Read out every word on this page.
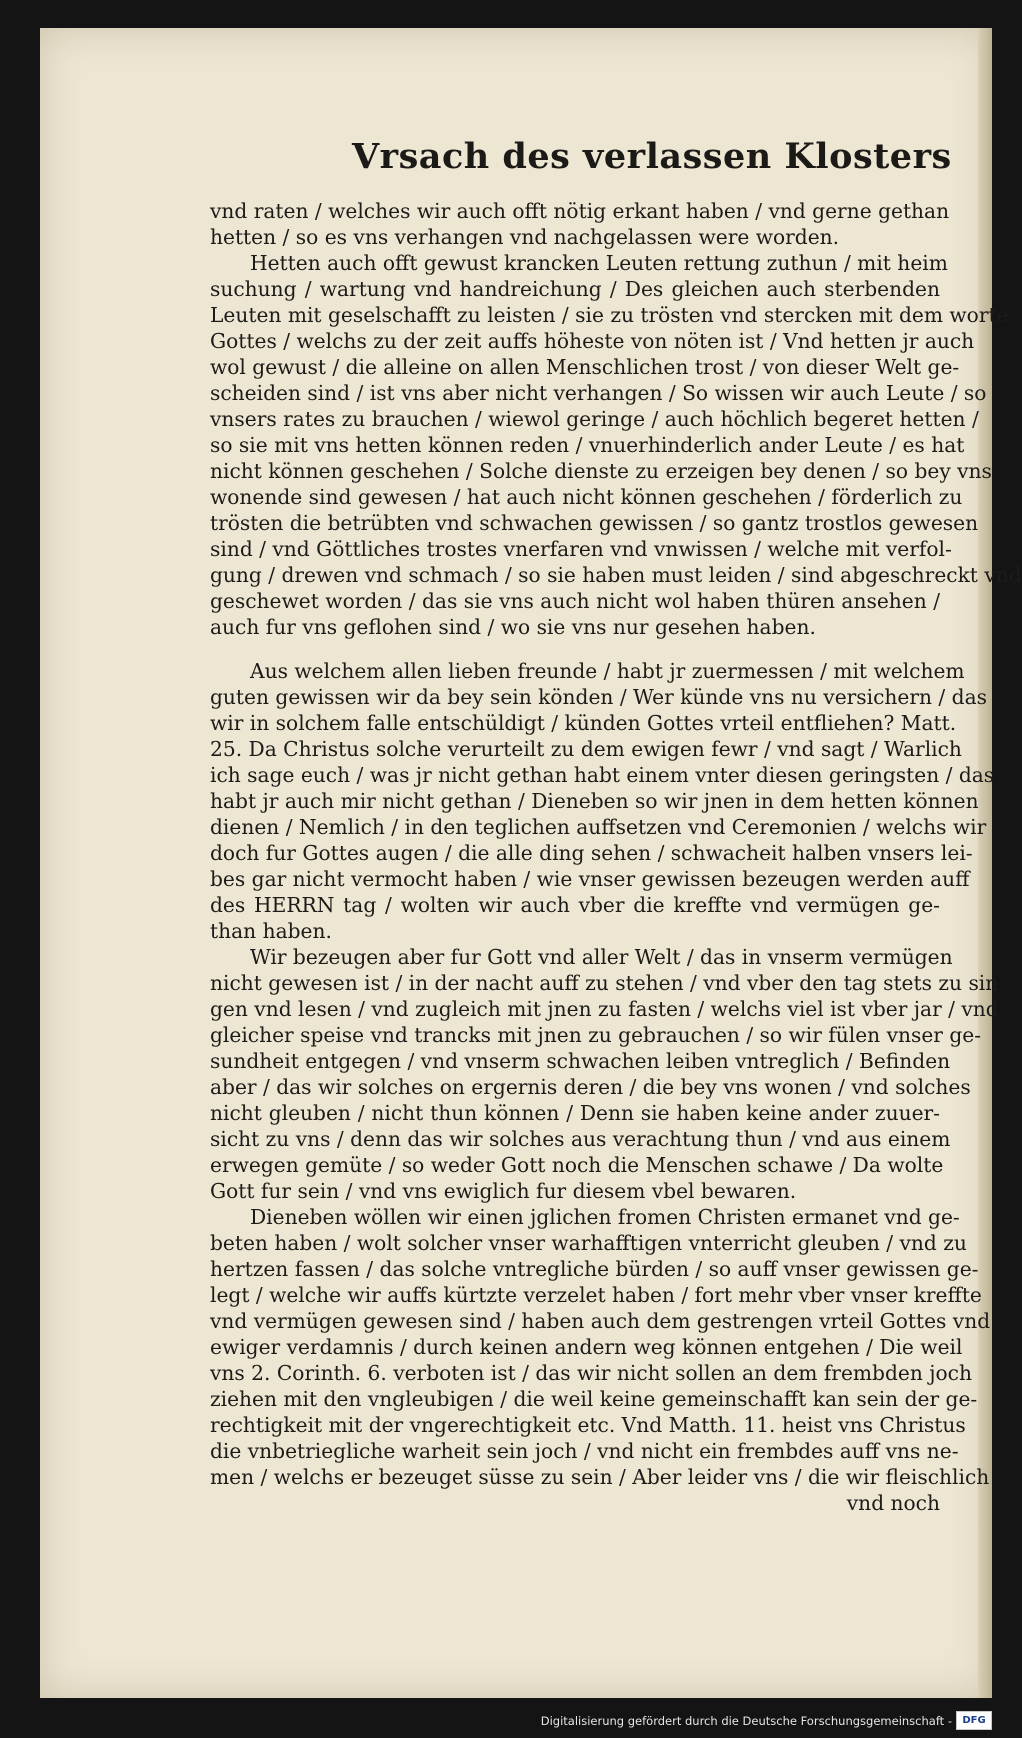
Vrsach des verlassen Klosters
vnd raten / welches wir auch offt nötig erkant haben / vnd gerne gethan
hetten / so es vns verhangen vnd nachgelassen were worden.
Hetten auch offt gewust krancken Leuten rettung zuthun / mit heim
suchung / wartung vnd handreichung / Des gleichen auch sterbenden
Leuten mit geselschafft zu leisten / sie zu trösten vnd stercken mit dem worte
Gottes / welchs zu der zeit auffs höheste von nöten ist / Vnd hetten jr auch
wol gewust / die alleine on allen Menschlichen trost / von dieser Welt ge-
scheiden sind / ist vns aber nicht verhangen / So wissen wir auch Leute / so
vnsers rates zu brauchen / wiewol geringe / auch höchlich begeret hetten /
so sie mit vns hetten können reden / vnuerhinderlich ander Leute / es hat
nicht können geschehen / Solche dienste zu erzeigen bey denen / so bey vns
wonende sind gewesen / hat auch nicht können geschehen / förderlich zu
trösten die betrübten vnd schwachen gewissen / so gantz trostlos gewesen
sind / vnd Göttliches trostes vnerfaren vnd vnwissen / welche mit verfol-
gung / drewen vnd schmach / so sie haben must leiden / sind abgeschreckt vnd
geschewet worden / das sie vns auch nicht wol haben thüren ansehen /
auch fur vns geflohen sind / wo sie vns nur gesehen haben.
Aus welchem allen lieben freunde / habt jr zuermessen / mit welchem
guten gewissen wir da bey sein könden / Wer künde vns nu versichern / das
wir in solchem falle entschüldigt / künden Gottes vrteil entfliehen? Matt.
25. Da Christus solche verurteilt zu dem ewigen fewr / vnd sagt / Warlich
ich sage euch / was jr nicht gethan habt einem vnter diesen geringsten / das
habt jr auch mir nicht gethan / Dieneben so wir jnen in dem hetten können
dienen / Nemlich / in den teglichen auffsetzen vnd Ceremonien / welchs wir
doch fur Gottes augen / die alle ding sehen / schwacheit halben vnsers lei-
bes gar nicht vermocht haben / wie vnser gewissen bezeugen werden auff
des HERRN tag / wolten wir auch vber die kreffte vnd vermügen ge-
than haben.
Wir bezeugen aber fur Gott vnd aller Welt / das in vnserm vermügen
nicht gewesen ist / in der nacht auff zu stehen / vnd vber den tag stets zu sin
gen vnd lesen / vnd zugleich mit jnen zu fasten / welchs viel ist vber jar / vnd
gleicher speise vnd trancks mit jnen zu gebrauchen / so wir fülen vnser ge-
sundheit entgegen / vnd vnserm schwachen leiben vntreglich / Befinden
aber / das wir solches on ergernis deren / die bey vns wonen / vnd solches
nicht gleuben / nicht thun können / Denn sie haben keine ander zuuer-
sicht zu vns / denn das wir solches aus verachtung thun / vnd aus einem
erwegen gemüte / so weder Gott noch die Menschen schawe / Da wolte
Gott fur sein / vnd vns ewiglich fur diesem vbel bewaren.
Dieneben wöllen wir einen jglichen fromen Christen ermanet vnd ge-
beten haben / wolt solcher vnser warhafftigen vnterricht gleuben / vnd zu
hertzen fassen / das solche vntregliche bürden / so auff vnser gewissen ge-
legt / welche wir auffs kürtzte verzelet haben / fort mehr vber vnser kreffte
vnd vermügen gewesen sind / haben auch dem gestrengen vrteil Gottes vnd
ewiger verdamnis / durch keinen andern weg können entgehen / Die weil
vns 2. Corinth. 6. verboten ist / das wir nicht sollen an dem frembden joch
ziehen mit den vngleubigen / die weil keine gemeinschafft kan sein der ge-
rechtigkeit mit der vngerechtigkeit etc. Vnd Matth. 11. heist vns Christus
die vnbetriegliche warheit sein joch / vnd nicht ein frembdes auff vns ne-
men / welchs er bezeuget süsse zu sein / Aber leider vns / die wir fleischlich
vnd noch
Digitalisierung gefördert durch die Deutsche Forschungsgemeinschaft -	DFG
